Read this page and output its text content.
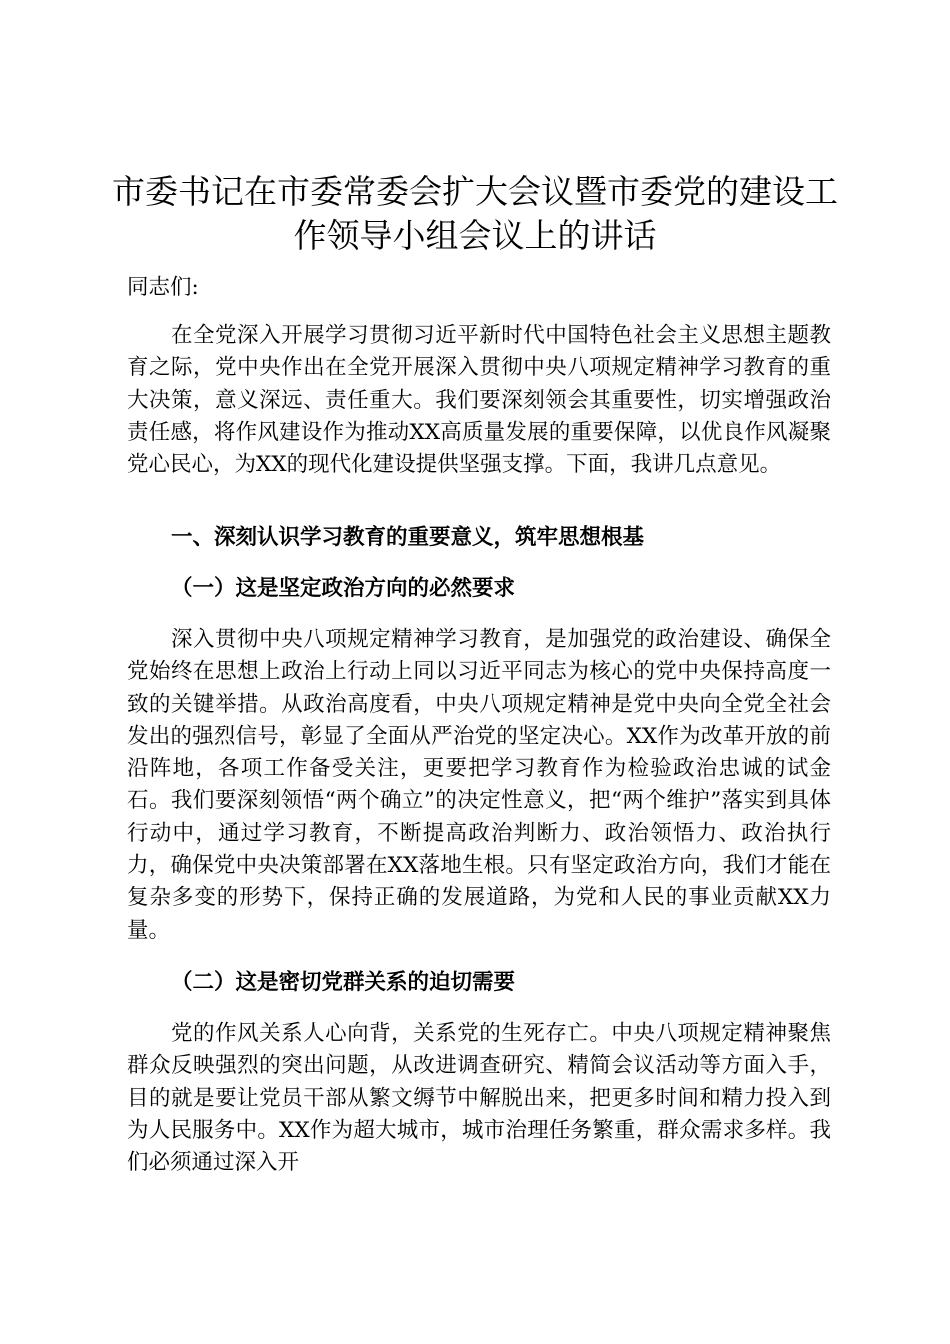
市委书记在市委常委会扩大会议暨市委党的建设工作领导小组会议上的讲话
同志们:

在全党深入开展学习贯彻习近平新时代中国特色社会主义思想主题教育之际，党中央作出在全党开展深入贯彻中央八项规定精神学习教育的重大决策，意义深远、责任重大。我们要深刻领会其重要性，切实增强政治责任感，将作风建设作为推动XX高质量发展的重要保障，以优良作风凝聚党心民心，为XX的现代化建设提供坚强支撑。下面，我讲几点意见。

一、深刻认识学习教育的重要意义，筑牢思想根基
（一）这是坚定政治方向的必然要求

深入贯彻中央八项规定精神学习教育，是加强党的政治建设、确保全党始终在思想上政治上行动上同以习近平同志为核心的党中央保持高度一致的关键举措。从政治高度看，中央八项规定精神是党中央向全党全社会发出的强烈信号，彰显了全面从严治党的坚定决心。XX作为改革开放的前沿阵地，各项工作备受关注，更要把学习教育作为检验政治忠诚的试金石。我们要深刻领悟“两个确立”的决定性意义，把“两个维护”落实到具体行动中，通过学习教育，不断提高政治判断力、政治领悟力、政治执行力，确保党中央决策部署在XX落地生根。只有坚定政治方向，我们才能在复杂多变的形势下，保持正确的发展道路，为党和人民的事业贡献XX力量。

（二）这是密切党群关系的迫切需要

党的作风关系人心向背，关系党的生死存亡。中央八项规定精神聚焦群众反映强烈的突出问题，从改进调查研究、精简会议活动等方面入手，目的就是要让党员干部从繁文缛节中解脱出来，把更多时间和精力投入到为人民服务中。XX作为超大城市，城市治理任务繁重，群众需求多样。我们必须通过深入开
